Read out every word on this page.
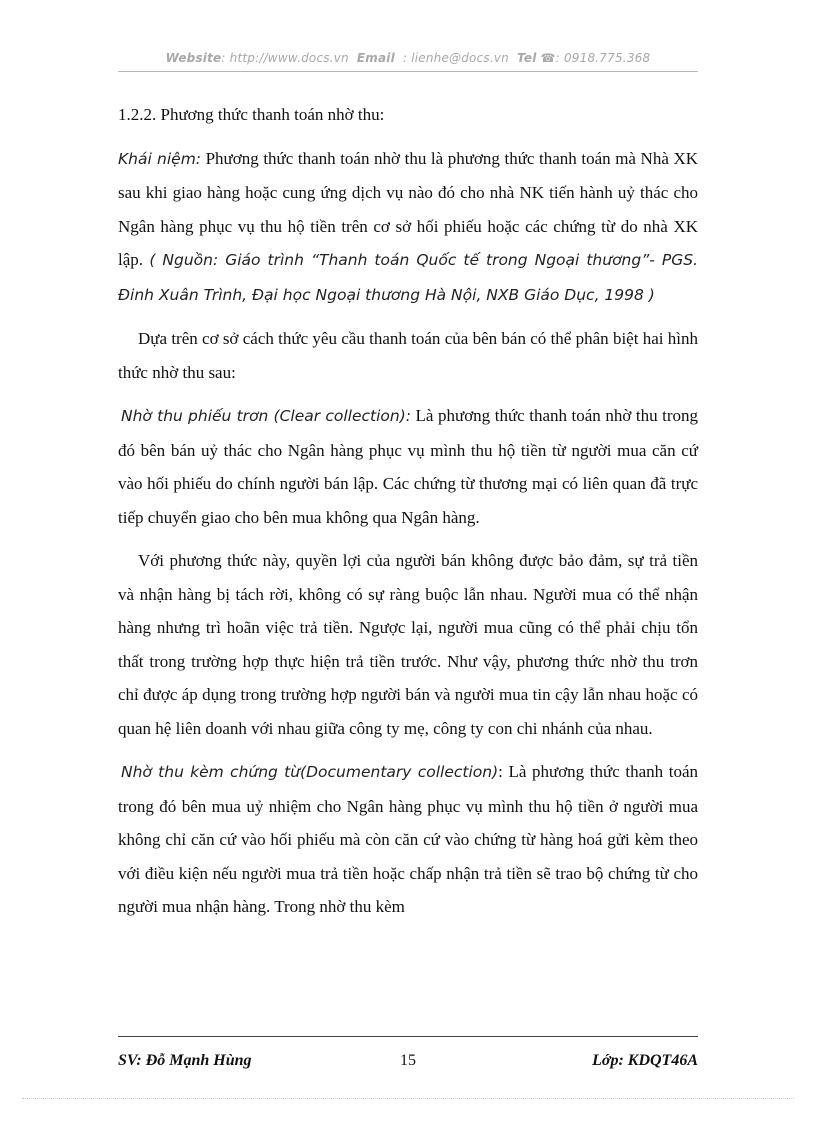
Website: http://www.docs.vn Email : lienhe@docs.vn Tel ☎: 0918.775.368

1.2.2. Phương thức thanh toán nhờ thu:

Khái niệm: Phương thức thanh toán nhờ thu là phương thức thanh toán mà Nhà XK sau khi giao hàng hoặc cung ứng dịch vụ nào đó cho nhà NK tiến hành uỷ thác cho Ngân hàng phục vụ thu hộ tiền trên cơ sở hối phiếu hoặc các chứng từ do nhà XK lập. ( Nguồn: Giáo trình “Thanh toán Quốc tế trong Ngoại thương”- PGS. Đinh Xuân Trình, Đại học Ngoại thương Hà Nội, NXB Giáo Dục, 1998 )

Dựa trên cơ sở cách thức yêu cầu thanh toán của bên bán có thể phân biệt hai hình thức nhờ thu sau:

Nhờ thu phiếu trơn (Clear collection): Là phương thức thanh toán nhờ thu trong đó bên bán uỷ thác cho Ngân hàng phục vụ mình thu hộ tiền từ người mua căn cứ vào hối phiếu do chính người bán lập. Các chứng từ thương mại có liên quan đã trực tiếp chuyển giao cho bên mua không qua Ngân hàng.

Với phương thức này, quyền lợi của người bán không được bảo đảm, sự trả tiền và nhận hàng bị tách rời, không có sự ràng buộc lẫn nhau. Người mua có thể nhận hàng nhưng trì hoãn việc trả tiền. Ngược lại, người mua cũng có thể phải chịu tổn thất trong trường hợp thực hiện trả tiền trước. Như vậy, phương thức nhờ thu trơn chỉ được áp dụng trong trường hợp người bán và người mua tin cậy lẫn nhau hoặc có quan hệ liên doanh với nhau giữa công ty mẹ, công ty con chi nhánh của nhau.

Nhờ thu kèm chứng từ(Documentary collection): Là phương thức thanh toán trong đó bên mua uỷ nhiệm cho Ngân hàng phục vụ mình thu hộ tiền ở người mua không chỉ căn cứ vào hối phiếu mà còn căn cứ vào chứng từ hàng hoá gửi kèm theo với điều kiện nếu người mua trả tiền hoặc chấp nhận trả tiền sẽ trao bộ chứng từ cho người mua nhận hàng. Trong nhờ thu kèm

SV: Đỗ Mạnh Hùng	15	Lớp: KDQT46A
